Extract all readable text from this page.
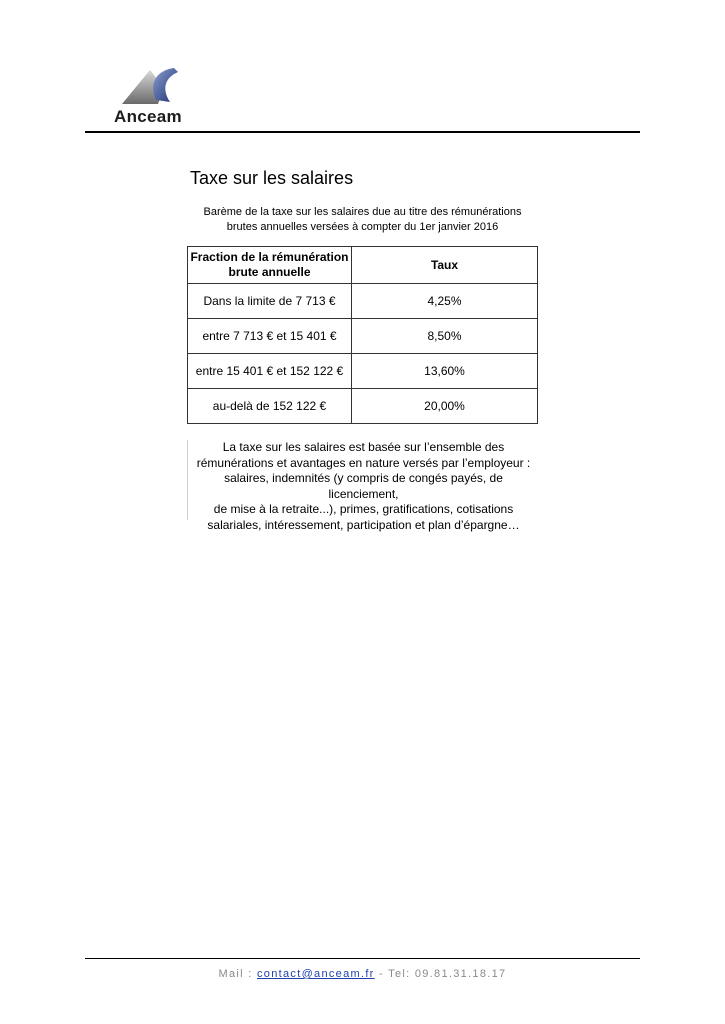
Anceam
Taxe sur les salaires
Barème de la taxe sur les salaires due au titre des rémunérations
brutes annuelles versées à compter du 1er janvier 2016
Fraction de la rémunération
brute annuelle	Taux
Dans la limite de 7 713 €	4,25%
entre 7 713 € et 15 401 €	8,50%
entre 15 401 € et 152 122 €	13,60%
au-delà de 152 122 €	20,00%
La taxe sur les salaires est basée sur l’ensemble des
rémunérations et avantages en nature versés par l’employeur :
salaires, indemnités (y compris de congés payés, de licenciement,
de mise à la retraite...), primes, gratifications, cotisations
salariales, intéressement, participation et plan d’épargne…
Mail : contact@anceam.fr - Tel: 09.81.31.18.17
